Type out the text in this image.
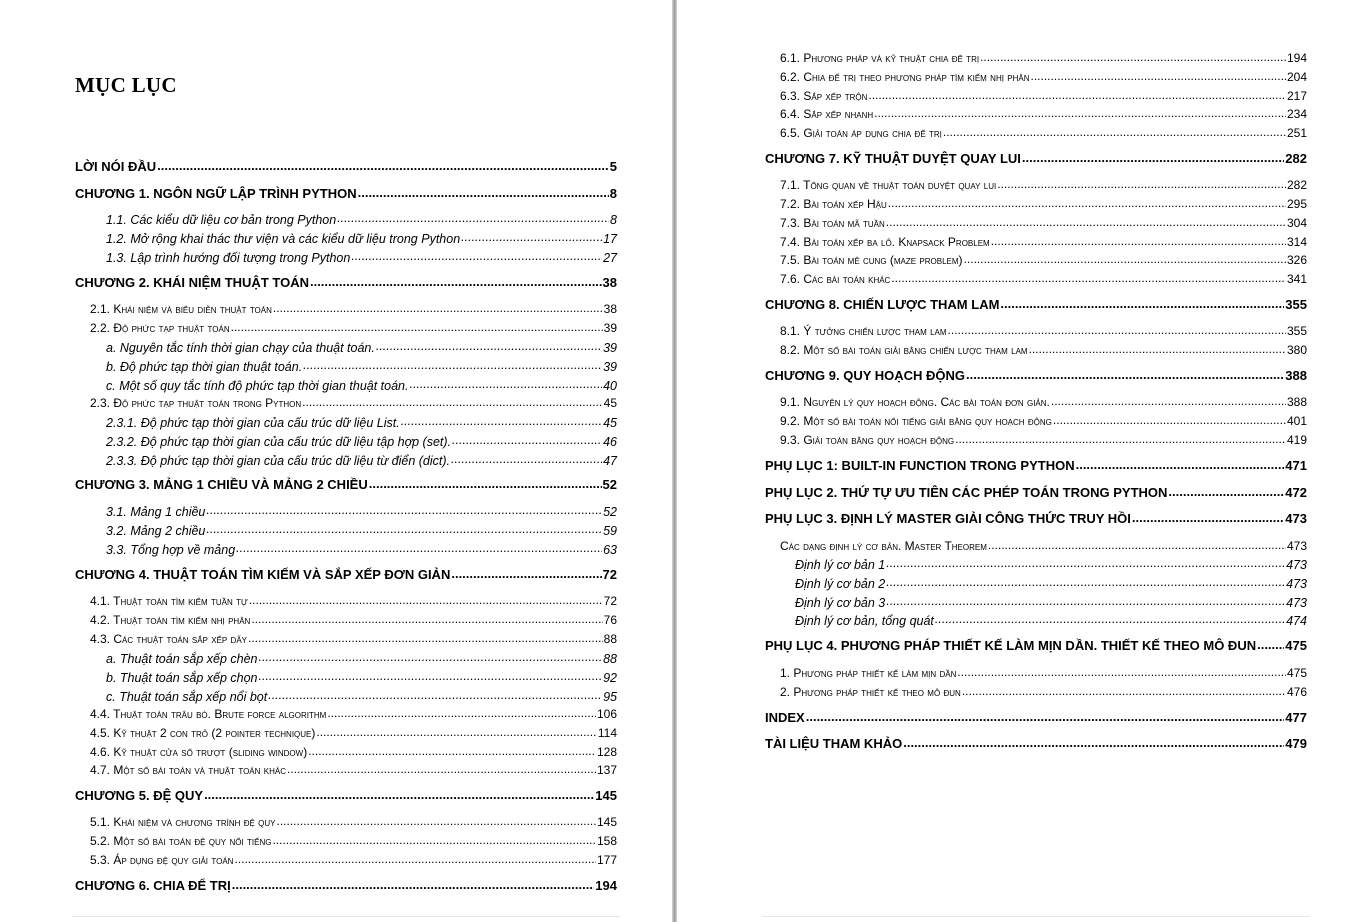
MỤC LỤC
LỜI NÓI ĐẦU .....	5
CHƯƠNG 1. NGÔN NGỮ LẬP TRÌNH PYTHON .....	8
1.1. Các kiểu dữ liệu cơ bản trong Python .....	8
1.2. Mở rộng khai thác thư viện và các kiểu dữ liệu trong Python .....	17
1.3. Lập trình hướng đối tượng trong Python .....	27
CHƯƠNG 2. KHÁI NIỆM THUẬT TOÁN .....	38
2.1. Khái niệm và biểu diễn thuật toán .....	38
2.2. Độ phức tạp thuật toán .....	39
a. Nguyên tắc tính thời gian chạy của thuật toán. .....	39
b. Độ phức tạp thời gian thuật toán. .....	39
c. Một số quy tắc tính độ phức tạp thời gian thuật toán. .....	40
2.3. Độ phức tạp thuật toán trong Python .....	45
2.3.1. Độ phức tạp thời gian của cấu trúc dữ liệu List. .....	45
2.3.2. Độ phức tạp thời gian của cấu trúc dữ liệu tập hợp (set). .....	46
2.3.3. Độ phức tạp thời gian của cấu trúc dữ liệu từ điển (dict). .....	47
CHƯƠNG 3. MẢNG 1 CHIỀU VÀ MẢNG 2 CHIỀU .....	52
3.1. Mảng 1 chiều .....	52
3.2. Mảng 2 chiều .....	59
3.3. Tổng hợp về mảng .....	63
CHƯƠNG 4. THUẬT TOÁN TÌM KIẾM VÀ SẮP XẾP ĐƠN GIẢN .....	72
4.1. Thuật toán tìm kiếm tuần tự .....	72
4.2. Thuật toán tìm kiếm nhị phân .....	76
4.3. Các thuật toán sắp xếp dãy .....	88
a. Thuật toán sắp xếp chèn .....	88
b. Thuật toán sắp xếp chọn .....	92
c. Thuật toán sắp xếp nổi bọt .....	95
4.4. Thuật toán trâu bò. Brute force algorithm .....	106
4.5. Kỹ thuật 2 con trỏ (2 pointer technique) .....	114
4.6. Kỹ thuật cửa sổ trượt (sliding window) .....	128
4.7. Một số bài toán và thuật toán khác .....	137
CHƯƠNG 5. ĐỆ QUY .....	145
5.1. Khái niệm và chương trình đệ quy .....	145
5.2. Một số bài toán đệ quy nổi tiếng .....	158
5.3. Áp dụng đệ quy giải toán .....	177
CHƯƠNG 6. CHIA ĐỂ TRỊ .....	194
6.1. Phương pháp và kỹ thuật chia để trị .....	194
6.2. Chia để trị theo phương pháp tìm kiếm nhị phân .....	204
6.3. Sắp xếp trộn .....	217
6.4. Sắp xếp nhanh .....	234
6.5. Giải toán áp dụng chia để trị .....	251
CHƯƠNG 7. KỸ THUẬT DUYỆT QUAY LUI .....	282
7.1. Tổng quan về thuật toán duyệt quay lui .....	282
7.2. Bài toán xếp Hậu .....	295
7.3. Bài toán mã tuần .....	304
7.4. Bài toán xếp ba lô. Knapsack Problem .....	314
7.5. Bài toán mê cung (maze problem) .....	326
7.6. Các bài toán khác .....	341
CHƯƠNG 8. CHIẾN LƯỢC THAM LAM .....	355
8.1. Ý tưởng chiến lược tham lam .....	355
8.2. Một số bài toán giải bằng chiến lược tham lam .....	380
CHƯƠNG 9. QUY HOẠCH ĐỘNG .....	388
9.1. Nguyên lý quy hoạch động. Các bài toán đơn giản. .....	388
9.2. Một số bài toán nổi tiếng giải bằng quy hoạch động .....	401
9.3. Giải toán bằng quy hoạch động .....	419
PHỤ LỤC 1: BUILT-IN FUNCTION TRONG PYTHON .....	471
PHỤ LỤC 2. THỨ TỰ ƯU TIÊN CÁC PHÉP TOÁN TRONG PYTHON .....	472
PHỤ LỤC 3. ĐỊNH LÝ MASTER GIẢI CÔNG THỨC TRUY HỒI .....	473
Các dạng định lý cơ bản. Master Theorem .....	473
Định lý cơ bản 1 .....	473
Định lý cơ bản 2 .....	473
Định lý cơ bản 3 .....	473
Định lý cơ bản, tổng quát .....	474
PHỤ LỤC 4. PHƯƠNG PHÁP THIẾT KẾ LÀM MỊN DẦN. THIẾT KẾ THEO MÔ ĐUN ..... 475
1. Phương pháp thiết kế làm mịn dần .....	475
2. Phương pháp thiết kế theo mô đun .....	476
INDEX .....	477
TÀI LIỆU THAM KHẢO .....	479
